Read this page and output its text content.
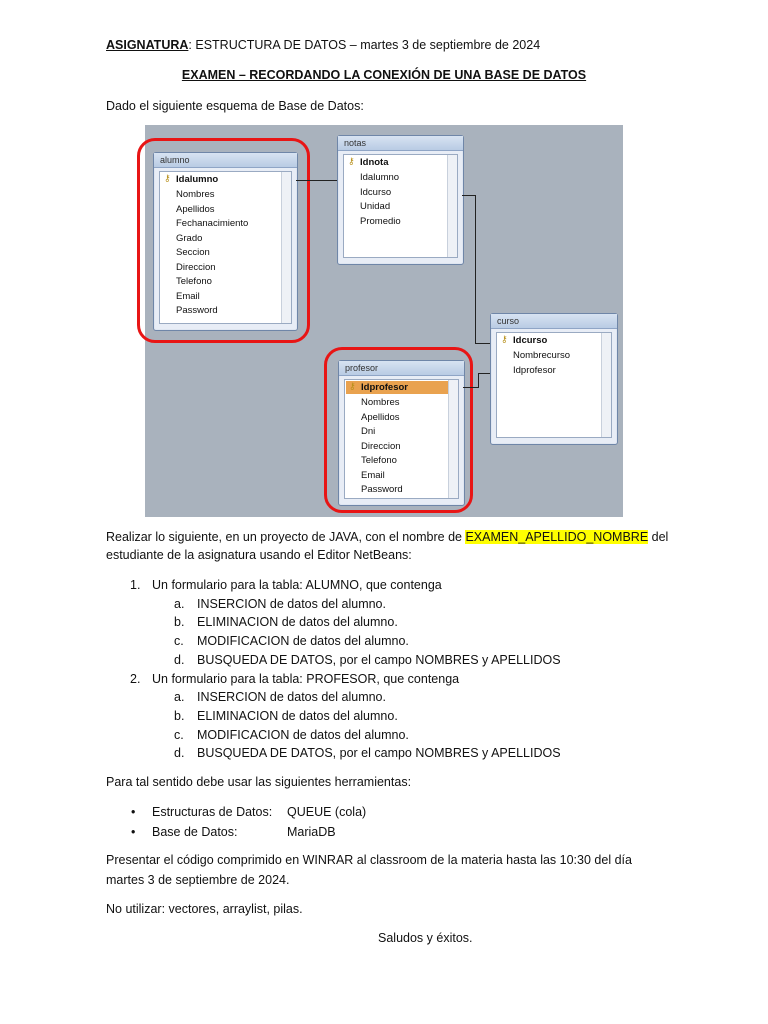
ASIGNATURA: ESTRUCTURA DE DATOS – martes 3 de septiembre de 2024
EXAMEN – RECORDANDO LA CONEXIÓN DE UNA BASE DE DATOS
Dado el siguiente esquema de Base de Datos:
alumno
⚷ Idalumno
Nombres
Apellidos
Fechanacimiento
Grado
Seccion
Direccion
Telefono
Email
Password
notas
⚷ Idnota
Idalumno
Idcurso
Unidad
Promedio
curso
⚷ Idcurso
Nombrecurso
Idprofesor
profesor
⚷ Idprofesor
Nombres
Apellidos
Dni
Direccion
Telefono
Email
Password
Realizar lo siguiente, en un proyecto de JAVA, con el nombre de EXAMEN_APELLIDO_NOMBRE del
estudiante de la asignatura usando el Editor NetBeans:
1. Un formulario para la tabla: ALUMNO, que contenga
a. INSERCION de datos del alumno.
b. ELIMINACION de datos del alumno.
c. MODIFICACION de datos del alumno.
d. BUSQUEDA DE DATOS, por el campo NOMBRES y APELLIDOS
2. Un formulario para la tabla: PROFESOR, que contenga
a. INSERCION de datos del alumno.
b. ELIMINACION de datos del alumno.
c. MODIFICACION de datos del alumno.
d. BUSQUEDA DE DATOS, por el campo NOMBRES y APELLIDOS
Para tal sentido debe usar las siguientes herramientas:
• Estructuras de Datos: QUEUE (cola)
• Base de Datos:	MariaDB
Presentar el código comprimido en WINRAR al classroom de la materia hasta las 10:30 del día
martes 3 de septiembre de 2024.
No utilizar: vectores, arraylist, pilas.
Saludos y éxitos.
